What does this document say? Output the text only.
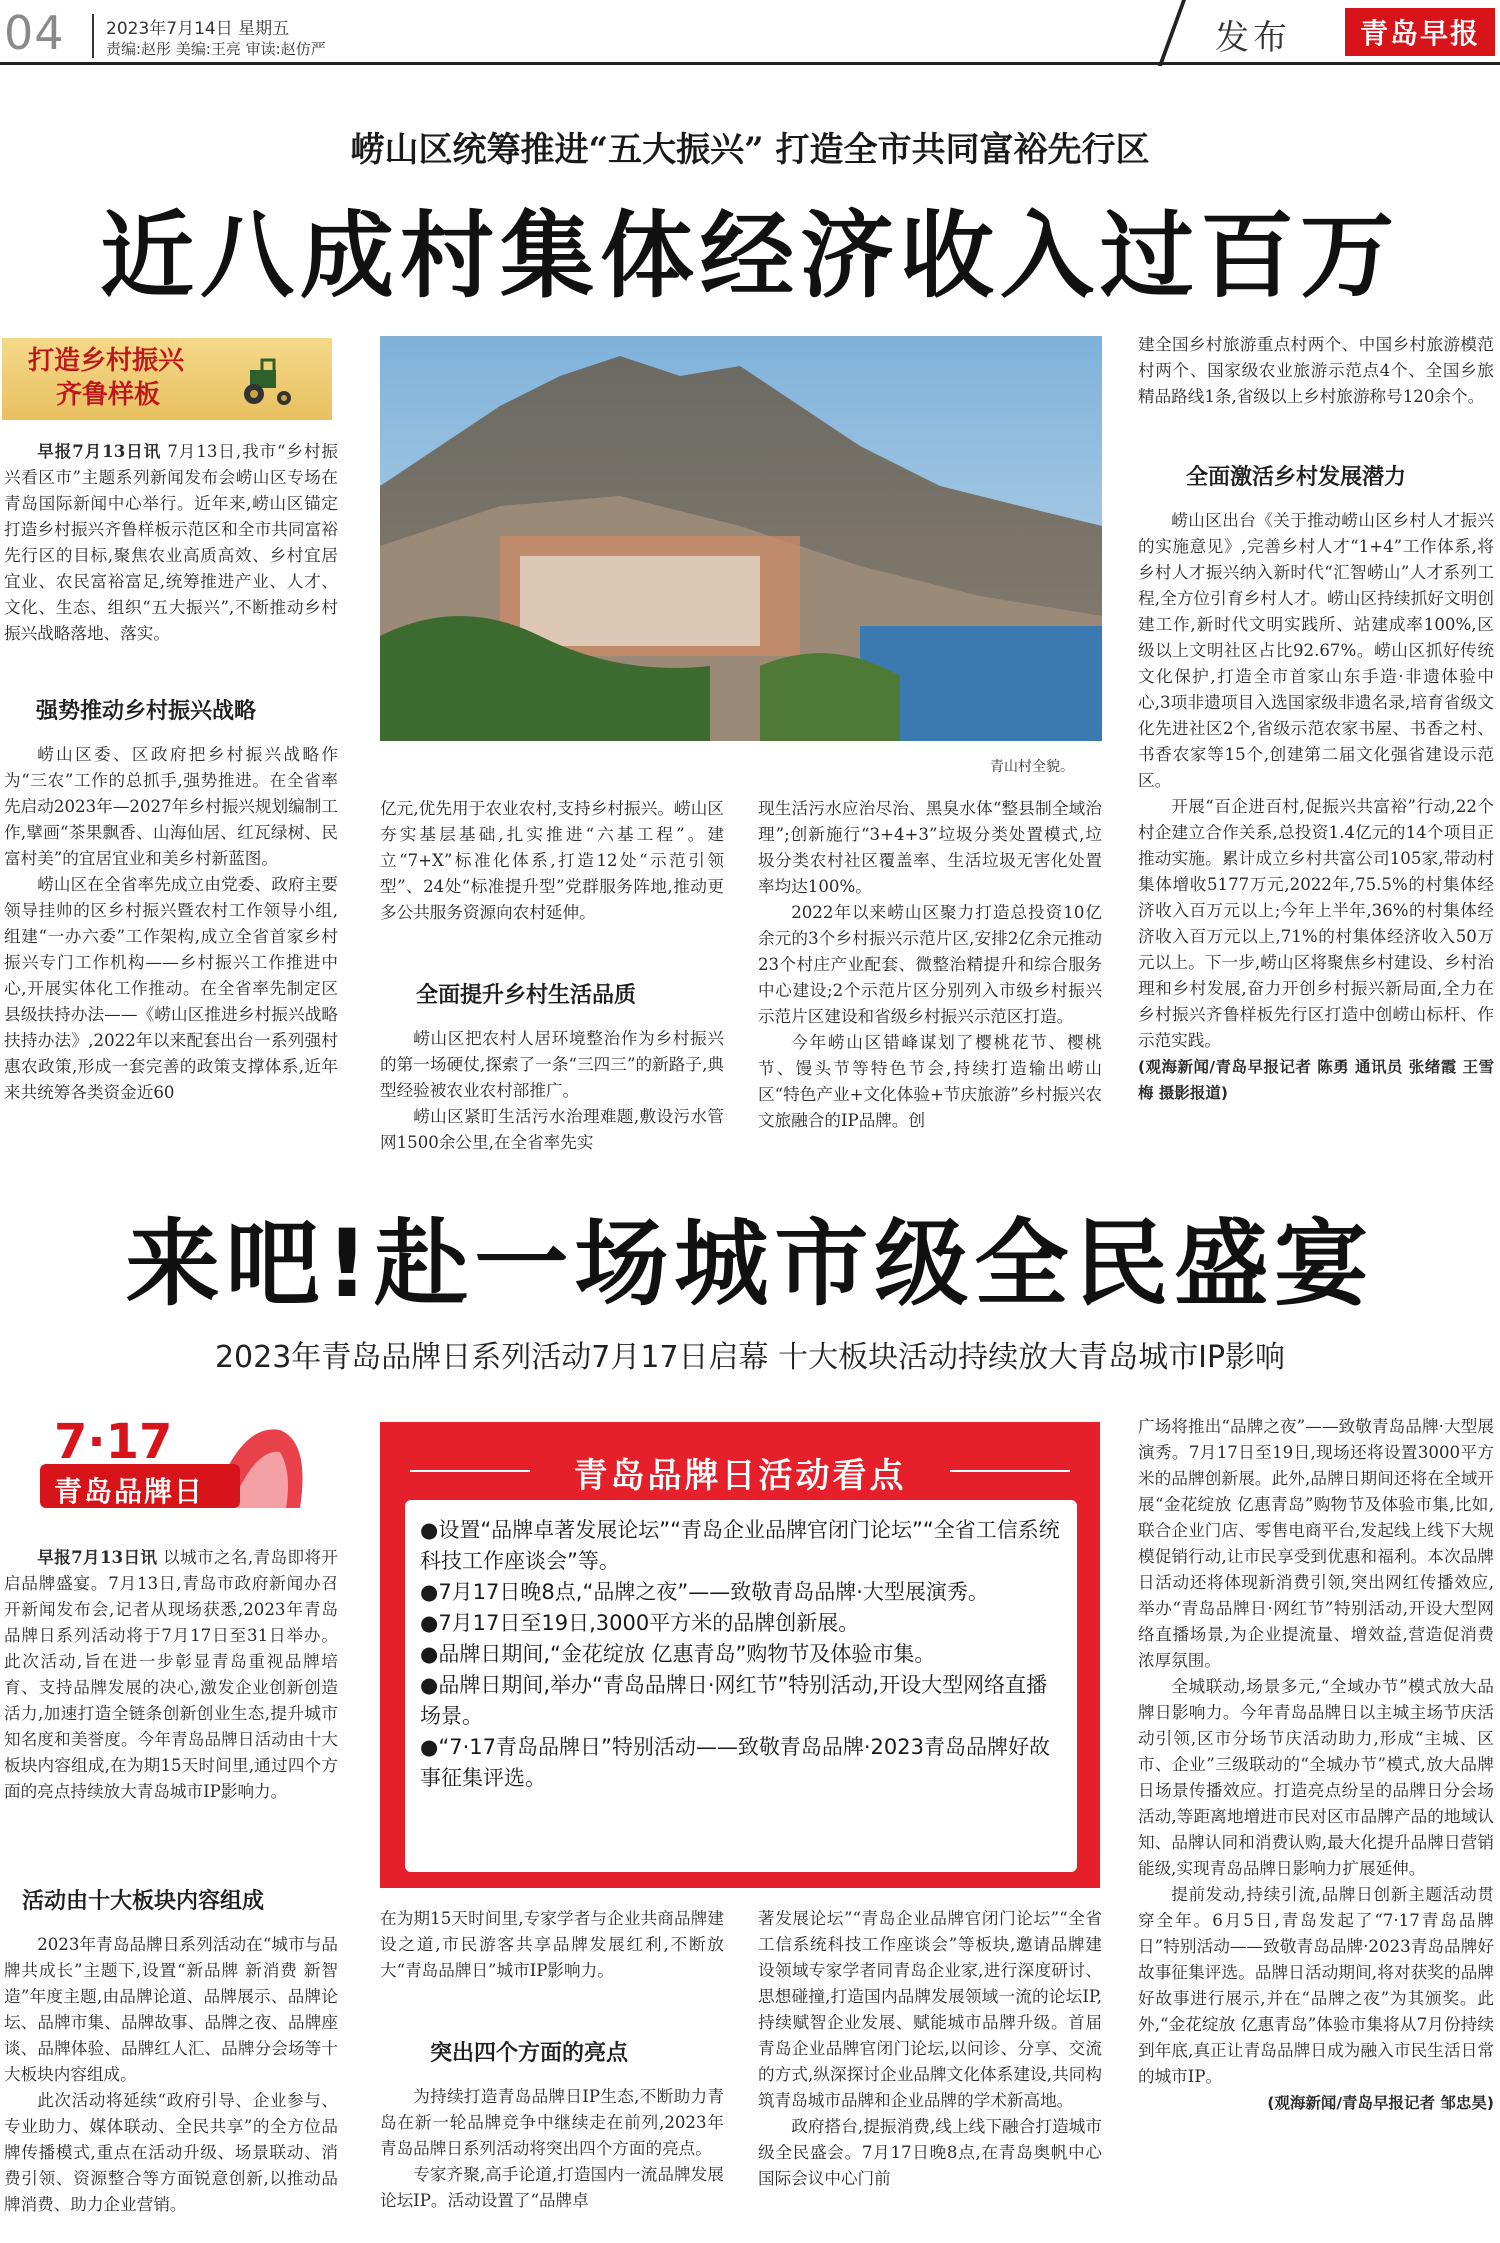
04 2023年7月14日 星期五
责编:赵彤 美编:王亮 审读:赵仿严	发布	青岛早报
崂山区统筹推进“五大振兴” 打造全市共同富裕先行区
近八成村集体经济收入过百万
打造乡村振兴
齐鲁样板

早报7月13日讯 7月13日,我市“乡村振兴看区市”主题系列新闻发布会崂山区专场在青岛国际新闻中心举行。近年来,崂山区锚定打造乡村振兴齐鲁样板示范区和全市共同富裕先行区的目标,聚焦农业高质高效、乡村宜居宜业、农民富裕富足,统筹推进产业、人才、文化、生态、组织“五大振兴”,不断推动乡村振兴战略落地、落实。

强势推动乡村振兴战略

崂山区委、区政府把乡村振兴战略作为“三农”工作的总抓手,强势推进。在全省率先启动2023年—2027年乡村振兴规划编制工作,擘画“茶果飘香、山海仙居、红瓦绿树、民富村美”的宜居宜业和美乡村新蓝图。

崂山区在全省率先成立由党委、政府主要领导挂帅的区乡村振兴暨农村工作领导小组,组建“一办六委”工作架构,成立全省首家乡村振兴专门工作机构——乡村振兴工作推进中心,开展实体化工作推动。在全省率先制定区县级扶持办法——《崂山区推进乡村振兴战略扶持办法》,2022年以来配套出台一系列强村惠农政策,形成一套完善的政策支撑体系,近年来共统筹各类资金近60

青山村全貌。

亿元,优先用于农业农村,支持乡村振兴。崂山区夯实基层基础,扎实推进“六基工程”。建立“7+X”标准化体系,打造12处“示范引领型”、24处“标准提升型”党群服务阵地,推动更多公共服务资源向农村延伸。

全面提升乡村生活品质

崂山区把农村人居环境整治作为乡村振兴的第一场硬仗,探索了一条“三四三”的新路子,典型经验被农业农村部推广。

崂山区紧盯生活污水治理难题,敷设污水管网1500余公里,在全省率先实

现生活污水应治尽治、黑臭水体“整县制全域治理”;创新施行“3+4+3”垃圾分类处置模式,垃圾分类农村社区覆盖率、生活垃圾无害化处置率均达100%。

2022年以来崂山区聚力打造总投资10亿余元的3个乡村振兴示范片区,安排2亿余元推动23个村庄产业配套、微整治精提升和综合服务中心建设;2个示范片区分别列入市级乡村振兴示范片区建设和省级乡村振兴示范区打造。

今年崂山区错峰谋划了樱桃花节、樱桃节、馒头节等特色节会,持续打造输出崂山区“特色产业+文化体验+节庆旅游”乡村振兴农文旅融合的IP品牌。创

建全国乡村旅游重点村两个、中国乡村旅游模范村两个、国家级农业旅游示范点4个、全国乡旅精品路线1条,省级以上乡村旅游称号120余个。

全面激活乡村发展潜力

崂山区出台《关于推动崂山区乡村人才振兴的实施意见》,完善乡村人才“1+4”工作体系,将乡村人才振兴纳入新时代“汇智崂山”人才系列工程,全方位引育乡村人才。崂山区持续抓好文明创建工作,新时代文明实践所、站建成率100%,区级以上文明社区占比92.67%。崂山区抓好传统文化保护,打造全市首家山东手造·非遗体验中心,3项非遗项目入选国家级非遗名录,培育省级文化先进社区2个,省级示范农家书屋、书香之村、书香农家等15个,创建第二届文化强省建设示范区。

开展“百企进百村,促振兴共富裕”行动,22个村企建立合作关系,总投资1.4亿元的14个项目正推动实施。累计成立乡村共富公司105家,带动村集体增收5177万元,2022年,75.5%的村集体经济收入百万元以上;今年上半年,36%的村集体经济收入百万元以上,71%的村集体经济收入50万元以上。下一步,崂山区将聚焦乡村建设、乡村治理和乡村发展,奋力开创乡村振兴新局面,全力在乡村振兴齐鲁样板先行区打造中创崂山标杆、作示范实践。

(观海新闻/青岛早报记者 陈勇 通讯员 张绪霞 王雪梅 摄影报道)

来吧!赴一场城市级全民盛宴
2023年青岛品牌日系列活动7月17日启幕 十大板块活动持续放大青岛城市IP影响
7·17
青岛品牌日

早报7月13日讯 以城市之名,青岛即将开启品牌盛宴。7月13日,青岛市政府新闻办召开新闻发布会,记者从现场获悉,2023年青岛品牌日系列活动将于7月17日至31日举办。此次活动,旨在进一步彰显青岛重视品牌培育、支持品牌发展的决心,激发企业创新创造活力,加速打造全链条创新创业生态,提升城市知名度和美誉度。今年青岛品牌日活动由十大板块内容组成,在为期15天时间里,通过四个方面的亮点持续放大青岛城市IP影响力。

活动由十大板块内容组成

2023年青岛品牌日系列活动在“城市与品牌共成长”主题下,设置“新品牌 新消费 新智造”年度主题,由品牌论道、品牌展示、品牌论坛、品牌市集、品牌故事、品牌之夜、品牌座谈、品牌体验、品牌红人汇、品牌分会场等十大板块内容组成。

此次活动将延续“政府引导、企业参与、专业助力、媒体联动、全民共享”的全方位品牌传播模式,重点在活动升级、场景联动、消费引领、资源整合等方面锐意创新,以推动品牌消费、助力企业营销。

青岛品牌日活动看点
●设置“品牌卓著发展论坛”“青岛企业品牌官闭门论坛”“全省工信系统科技工作座谈会”等。
●7月17日晚8点,“品牌之夜”——致敬青岛品牌·大型展演秀。
●7月17日至19日,3000平方米的品牌创新展。
●品牌日期间,“金花绽放 亿惠青岛”购物节及体验市集。
●品牌日期间,举办“青岛品牌日·网红节”特别活动,开设大型网络直播场景。
●“7·17青岛品牌日”特别活动——致敬青岛品牌·2023青岛品牌好故事征集评选。

在为期15天时间里,专家学者与企业共商品牌建设之道,市民游客共享品牌发展红利,不断放大“青岛品牌日”城市IP影响力。

突出四个方面的亮点

为持续打造青岛品牌日IP生态,不断助力青岛在新一轮品牌竞争中继续走在前列,2023年青岛品牌日系列活动将突出四个方面的亮点。

专家齐聚,高手论道,打造国内一流品牌发展论坛IP。活动设置了“品牌卓

著发展论坛”“青岛企业品牌官闭门论坛”“全省工信系统科技工作座谈会”等板块,邀请品牌建设领域专家学者同青岛企业家,进行深度研讨、思想碰撞,打造国内品牌发展领域一流的论坛IP,持续赋智企业发展、赋能城市品牌升级。首届青岛企业品牌官闭门论坛,以问诊、分享、交流的方式,纵深探讨企业品牌文化体系建设,共同构筑青岛城市品牌和企业品牌的学术新高地。

政府搭台,提振消费,线上线下融合打造城市级全民盛会。7月17日晚8点,在青岛奥帆中心国际会议中心门前

广场将推出“品牌之夜”——致敬青岛品牌·大型展演秀。7月17日至19日,现场还将设置3000平方米的品牌创新展。此外,品牌日期间还将在全域开展“金花绽放 亿惠青岛”购物节及体验市集,比如,联合企业门店、零售电商平台,发起线上线下大规模促销行动,让市民享受到优惠和福利。本次品牌日活动还将体现新消费引领,突出网红传播效应,举办“青岛品牌日·网红节”特别活动,开设大型网络直播场景,为企业提流量、增效益,营造促消费浓厚氛围。

全城联动,场景多元,“全域办节”模式放大品牌日影响力。今年青岛品牌日以主城主场节庆活动引领,区市分场节庆活动助力,形成“主城、区市、企业”三级联动的“全城办节”模式,放大品牌日场景传播效应。打造亮点纷呈的品牌日分会场活动,等距离地增进市民对区市品牌产品的地域认知、品牌认同和消费认购,最大化提升品牌日营销能级,实现青岛品牌日影响力扩展延伸。

提前发动,持续引流,品牌日创新主题活动贯穿全年。6月5日,青岛发起了“7·17青岛品牌日”特别活动——致敬青岛品牌·2023青岛品牌好故事征集评选。品牌日活动期间,将对获奖的品牌好故事进行展示,并在“品牌之夜”为其颁奖。此外,“金花绽放 亿惠青岛”体验市集将从7月份持续到年底,真正让青岛品牌日成为融入市民生活日常的城市IP。

(观海新闻/青岛早报记者 邹忠昊)
